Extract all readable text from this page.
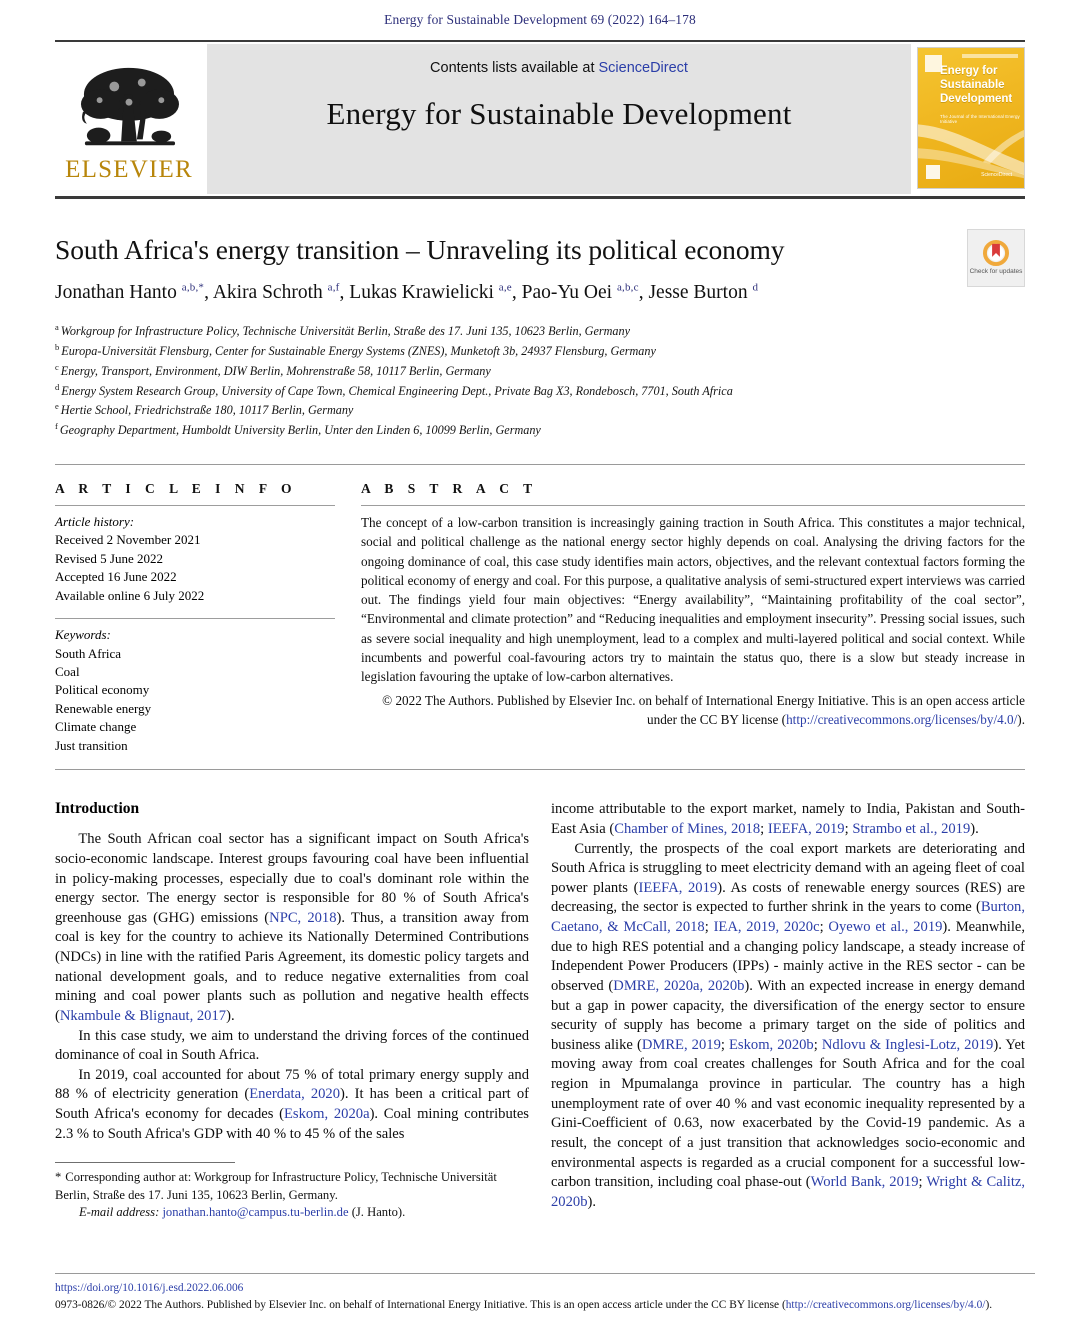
Energy for Sustainable Development 69 (2022) 164–178
ELSEVIER
Contents lists available at ScienceDirect
Energy for Sustainable Development
Energy for
Sustainable
Development
The Journal of the International Energy Initiative
ScienceDirect
South Africa's energy transition – Unraveling its political economy
Jonathan Hanto $^{a,b,*}$, Akira Schroth $^{a,f}$, Lukas Krawielicki $^{a,e}$, Pao-Yu Oei $^{a,b,c}$, Jesse Burton $^d$
Check for updates
$^a$ Workgroup for Infrastructure Policy, Technische Universität Berlin, Straße des 17. Juni 135, 10623 Berlin, Germany
$^b$ Europa-Universität Flensburg, Center for Sustainable Energy Systems (ZNES), Munketoft 3b, 24937 Flensburg, Germany
$^c$ Energy, Transport, Environment, DIW Berlin, Mohrenstraße 58, 10117 Berlin, Germany
$^d$ Energy System Research Group, University of Cape Town, Chemical Engineering Dept., Private Bag X3, Rondebosch, 7701, South Africa
$^e$ Hertie School, Friedrichstraße 180, 10117 Berlin, Germany
$^f$ Geography Department, Humboldt University Berlin, Unter den Linden 6, 10099 Berlin, Germany
A R T I C L E I N F O
Article history:
Received 2 November 2021
Revised 5 June 2022
Accepted 16 June 2022
Available online 6 July 2022
Keywords:
South Africa
Coal
Political economy
Renewable energy
Climate change
Just transition
A B S T R A C T
The concept of a low-carbon transition is increasingly gaining traction in South Africa. This constitutes a major technical, social and political challenge as the national energy sector highly depends on coal. Analysing the driving factors for the ongoing dominance of coal, this case study identifies main actors, objectives, and the relevant contextual factors forming the political economy of energy and coal. For this purpose, a qualitative analysis of semi-structured expert interviews was carried out. The findings yield four main objectives: “Energy availability”, “Maintaining profitability of the coal sector”, “Environmental and climate protection” and “Reducing inequalities and employment insecurity”. Pressing social issues, such as severe social inequality and high unemployment, lead to a complex and multi-layered political and social context. While incumbents and powerful coal-favouring actors try to maintain the status quo, there is a slow but steady increase in legislation favouring the uptake of low-carbon alternatives.
© 2022 The Authors. Published by Elsevier Inc. on behalf of International Energy Initiative. This is an open access article under the CC BY license (http://creativecommons.org/licenses/by/4.0/).
Introduction

The South African coal sector has a significant impact on South Africa's socio-economic landscape. Interest groups favouring coal have been influential in policy-making processes, especially due to coal's dominant role within the energy sector. The energy sector is responsible for 80 % of South Africa's greenhouse gas (GHG) emissions (NPC, 2018). Thus, a transition away from coal is key for the country to achieve its Nationally Determined Contributions (NDCs) in line with the ratified Paris Agreement, its domestic policy targets and national development goals, and to reduce negative externalities from coal mining and coal power plants such as pollution and negative health effects (Nkambule & Blignaut, 2017).

In this case study, we aim to understand the driving forces of the continued dominance of coal in South Africa.

In 2019, coal accounted for about 75 % of total primary energy supply and 88 % of electricity generation (Enerdata, 2020). It has been a critical part of South Africa's economy for decades (Eskom, 2020a). Coal mining contributes 2.3 % to South Africa's GDP with 40 % to 45 % of the sales

* Corresponding author at: Workgroup for Infrastructure Policy, Technische Universität Berlin, Straße des 17. Juni 135, 10623 Berlin, Germany.
E-mail address: jonathan.hanto@campus.tu-berlin.de (J. Hanto).

income attributable to the export market, namely to India, Pakistan and South-East Asia (Chamber of Mines, 2018; IEEFA, 2019; Strambo et al., 2019).

Currently, the prospects of the coal export markets are deteriorating and South Africa is struggling to meet electricity demand with an ageing fleet of coal power plants (IEEFA, 2019). As costs of renewable energy sources (RES) are decreasing, the sector is expected to further shrink in the years to come (Burton, Caetano, & McCall, 2018; IEA, 2019, 2020c; Oyewo et al., 2019). Meanwhile, due to high RES potential and a changing policy landscape, a steady increase of Independent Power Producers (IPPs) - mainly active in the RES sector - can be observed (DMRE, 2020a, 2020b). With an expected increase in energy demand but a gap in power capacity, the diversification of the energy sector to ensure security of supply has become a primary target on the side of politics and business alike (DMRE, 2019; Eskom, 2020b; Ndlovu & Inglesi-Lotz, 2019). Yet moving away from coal creates challenges for South Africa and for the coal region in Mpumalanga province in particular. The country has a high unemployment rate of over 40 % and vast economic inequality represented by a Gini-Coefficient of 0.63, now exacerbated by the Covid-19 pandemic. As a result, the concept of a just transition that acknowledges socio-economic and environmental aspects is regarded as a crucial component for a successful low-carbon transition, including coal phase-out (World Bank, 2019; Wright & Calitz, 2020b).

https://doi.org/10.1016/j.esd.2022.06.006
0973-0826/© 2022 The Authors. Published by Elsevier Inc. on behalf of International Energy Initiative. This is an open access article under the CC BY license (http://creativecommons.org/licenses/by/4.0/).
